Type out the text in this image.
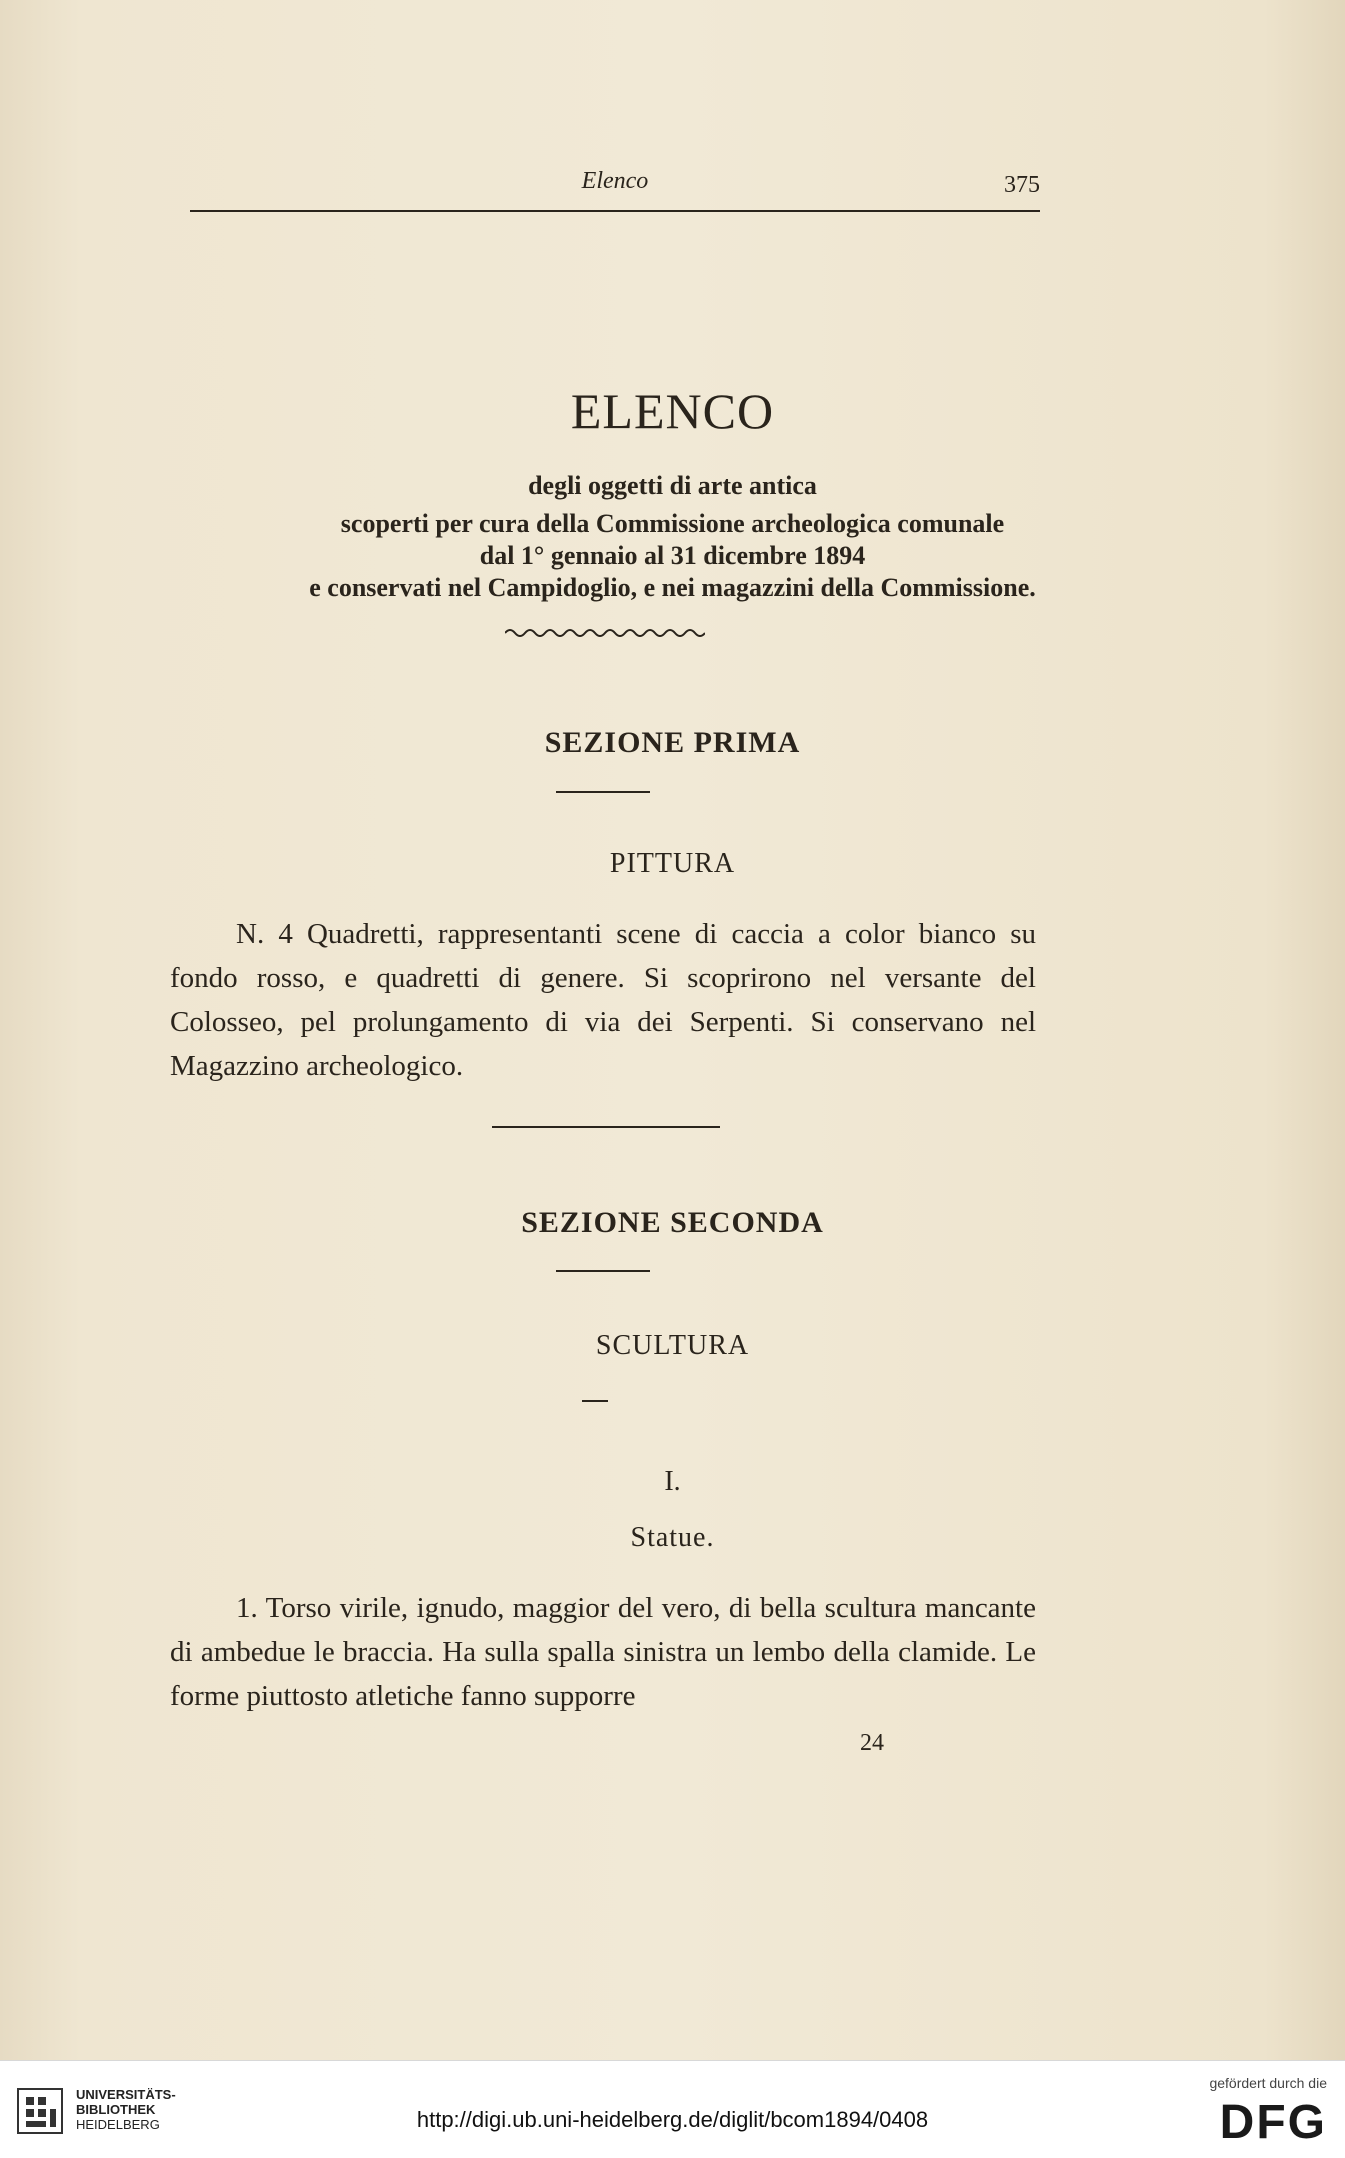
Elenco	375
ELENCO
degli oggetti di arte antica
scoperti per cura della Commissione archeologica comunale
dal 1° gennaio al 31 dicembre 1894
e conservati nel Campidoglio, e nei magazzini della Commissione.
SEZIONE PRIMA
PITTURA
N. 4 Quadretti, rappresentanti scene di caccia a color bianco su fondo rosso, e quadretti di genere. Si scoprirono nel versante del Colosseo, pel prolungamento di via dei Serpenti. Si conservano nel Magazzino archeologico.
SEZIONE SECONDA
SCULTURA
I.
Statue.
1. Torso virile, ignudo, maggior del vero, di bella scultura mancante di ambedue le braccia. Ha sulla spalla sinistra un lembo della clamide. Le forme piuttosto atletiche fanno supporre
24
UNIVERSITÄTS-
BIBLIOTHEK
HEIDELBERG	http://digi.ub.uni-heidelberg.de/diglit/bcom1894/0408
gefördert durch die
DFG
